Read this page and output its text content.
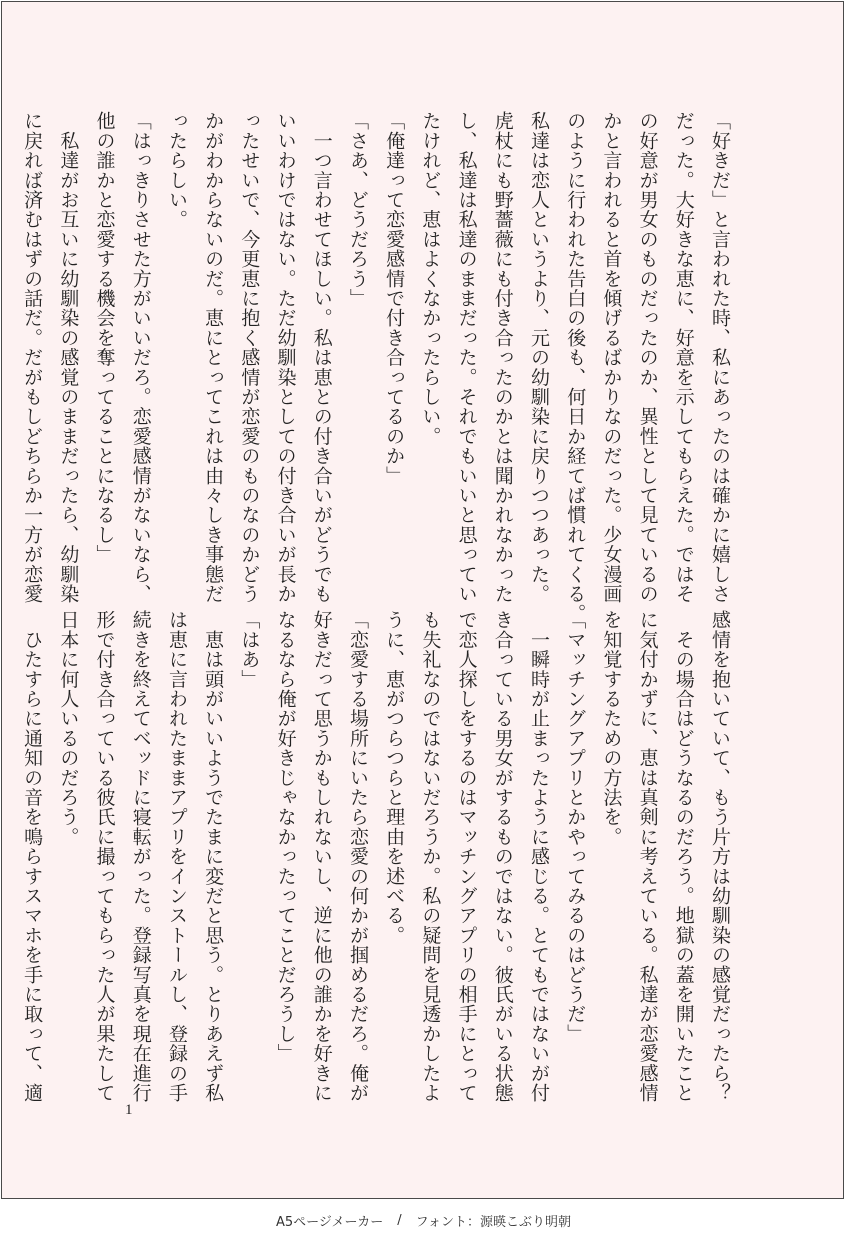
「好きだ」と言われた時、私にあったのは確かに嬉しさ
だった。大好きな恵に、好意を示してもらえた。ではそ
の好意が男女のものだったのか、異性として見ているの
かと言われると首を傾げるばかりなのだった。少女漫画
のように行われた告白の後も、何日か経てば慣れてくる。
私達は恋人というより、元の幼馴染に戻りつつあった。
虎杖にも野薔薇にも付き合ったのかとは聞かれなかった
し、私達は私達のままだった。それでもいいと思ってい
たけれど、恵はよくなかったらしい。
「俺達って恋愛感情で付き合ってるのか」
「さあ、どうだろう」
　一つ言わせてほしい。私は恵との付き合いがどうでも
いいわけではない。ただ幼馴染としての付き合いが長か
ったせいで、今更恵に抱く感情が恋愛のものなのかどう
かがわからないのだ。恵にとってこれは由々しき事態だ
ったらしい。
「はっきりさせた方がいいだろ。恋愛感情がないなら、
他の誰かと恋愛する機会を奪ってることになるし」
　私達がお互いに幼馴染の感覚のままだったら、幼馴染
に戻れば済むはずの話だ。だがもしどちらか一方が恋愛
感情を抱いていて、もう片方は幼馴染の感覚だったら？
　その場合はどうなるのだろう。地獄の蓋を開いたこと
に気付かずに、恵は真剣に考えている。私達が恋愛感情
を知覚するための方法を。
「マッチングアプリとかやってみるのはどうだ」
　一瞬時が止まったように感じる。とてもではないが付
き合っている男女がするものではない。彼氏がいる状態
で恋人探しをするのはマッチングアプリの相手にとって
も失礼なのではないだろうか。私の疑問を見透かしたよ
うに、恵がつらつらと理由を述べる。
「恋愛する場所にいたら恋愛の何かが掴めるだろ。俺が
好きだって思うかもしれないし、逆に他の誰かを好きに
なるなら俺が好きじゃなかったってことだろうし」
「はあ」
　恵は頭がいいようでたまに変だと思う。とりあえず私
は恵に言われたままアプリをインストールし、登録の手
続きを終えてベッドに寝転がった。登録写真を現在進行
形で付き合っている彼氏に撮ってもらった人が果たして
日本に何人いるのだろう。
　ひたすらに通知の音を鳴らすスマホを手に取って、適
1
A5ページメーカー / フォント：源暎こぶり明朝
